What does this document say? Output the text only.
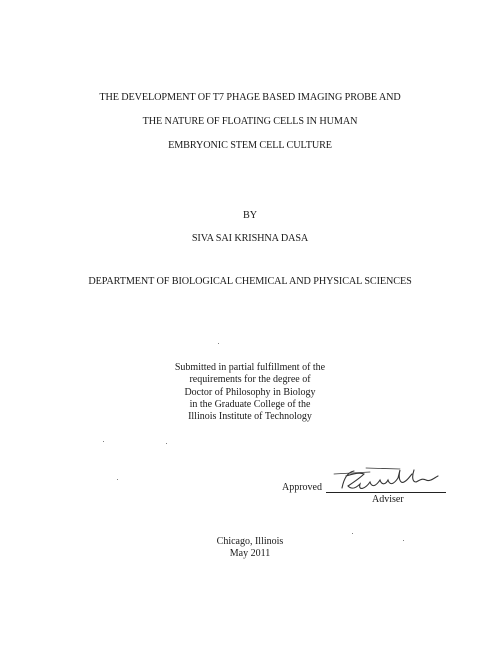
THE DEVELOPMENT OF T7 PHAGE BASED IMAGING PROBE AND
THE NATURE OF FLOATING CELLS IN HUMAN
EMBRYONIC STEM CELL CULTURE
BY
SIVA SAI KRISHNA DASA
DEPARTMENT OF BIOLOGICAL CHEMICAL AND PHYSICAL SCIENCES
Submitted in partial fulfillment of the
requirements for the degree of
Doctor of Philosophy in Biology
in the Graduate College of the
Illinois Institute of Technology
Approved
Adviser
Chicago, Illinois
May 2011
